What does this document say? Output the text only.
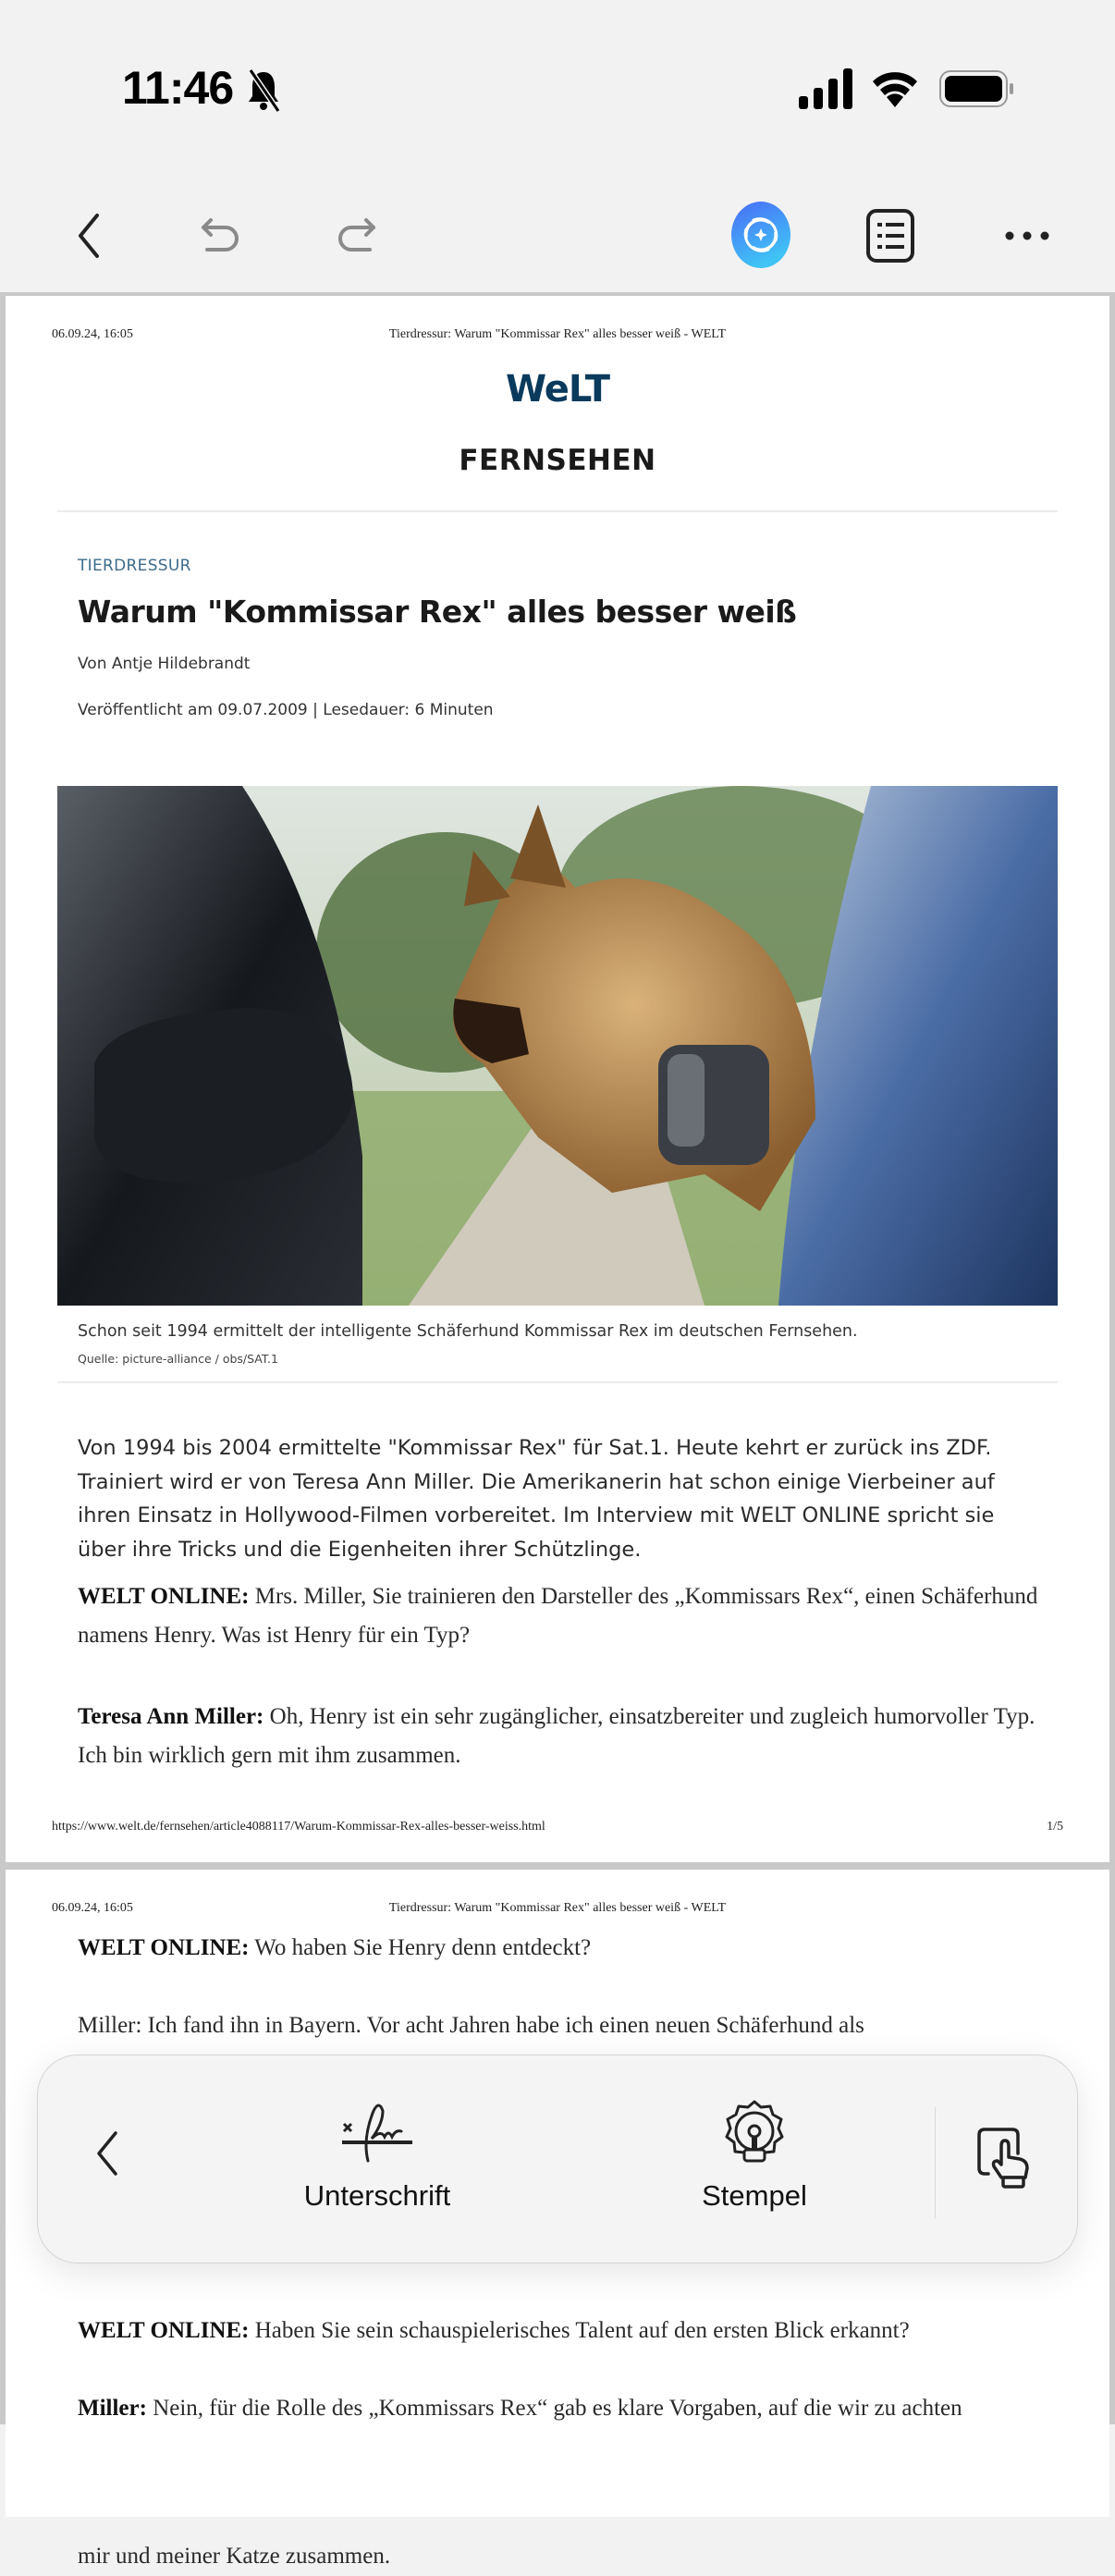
11:46
06.09.24, 16:05	Tierdressur: Warum "Kommissar Rex" alles besser weiß - WELT
WeLT
FERNSEHEN
TIERDRESSUR
Warum "Kommissar Rex" alles besser weiß
Von Antje Hildebrandt
Veröffentlicht am 09.07.2009 | Lesedauer: 6 Minuten
Schon seit 1994 ermittelt der intelligente Schäferhund Kommissar Rex im deutschen Fernsehen.
Quelle: picture-alliance / obs/SAT.1

Von 1994 bis 2004 ermittelte "Kommissar Rex" für Sat.1. Heute kehrt er zurück ins ZDF. Trainiert wird er von Teresa Ann Miller. Die Amerikanerin hat schon einige Vierbeiner auf ihren Einsatz in Hollywood-Filmen vorbereitet. Im Interview mit WELT ONLINE spricht sie über ihre Tricks und die Eigenheiten ihrer Schützlinge.

WELT ONLINE: Mrs. Miller, Sie trainieren den Darsteller des „Kommissars Rex“, einen Schäferhund namens Henry. Was ist Henry für ein Typ?

Teresa Ann Miller: Oh, Henry ist ein sehr zugänglicher, einsatzbereiter und zugleich humorvoller Typ. Ich bin wirklich gern mit ihm zusammen.

https://www.welt.de/fernsehen/article4088117/Warum-Kommissar-Rex-alles-besser-weiss.html	1/5
06.09.24, 16:05	Tierdressur: Warum "Kommissar Rex" alles besser weiß - WELT

WELT ONLINE: Wo haben Sie Henry denn entdeckt?

Miller: Ich fand ihn in Bayern. Vor acht Jahren habe ich einen neuen Schäferhund als

mir und meiner Katze zusammen.

WELT ONLINE: Haben Sie sein schauspielerisches Talent auf den ersten Blick erkannt?

Miller: Nein, für die Rolle des „Kommissars Rex“ gab es klare Vorgaben, auf die wir zu achten

Unterschrift	Stempel
